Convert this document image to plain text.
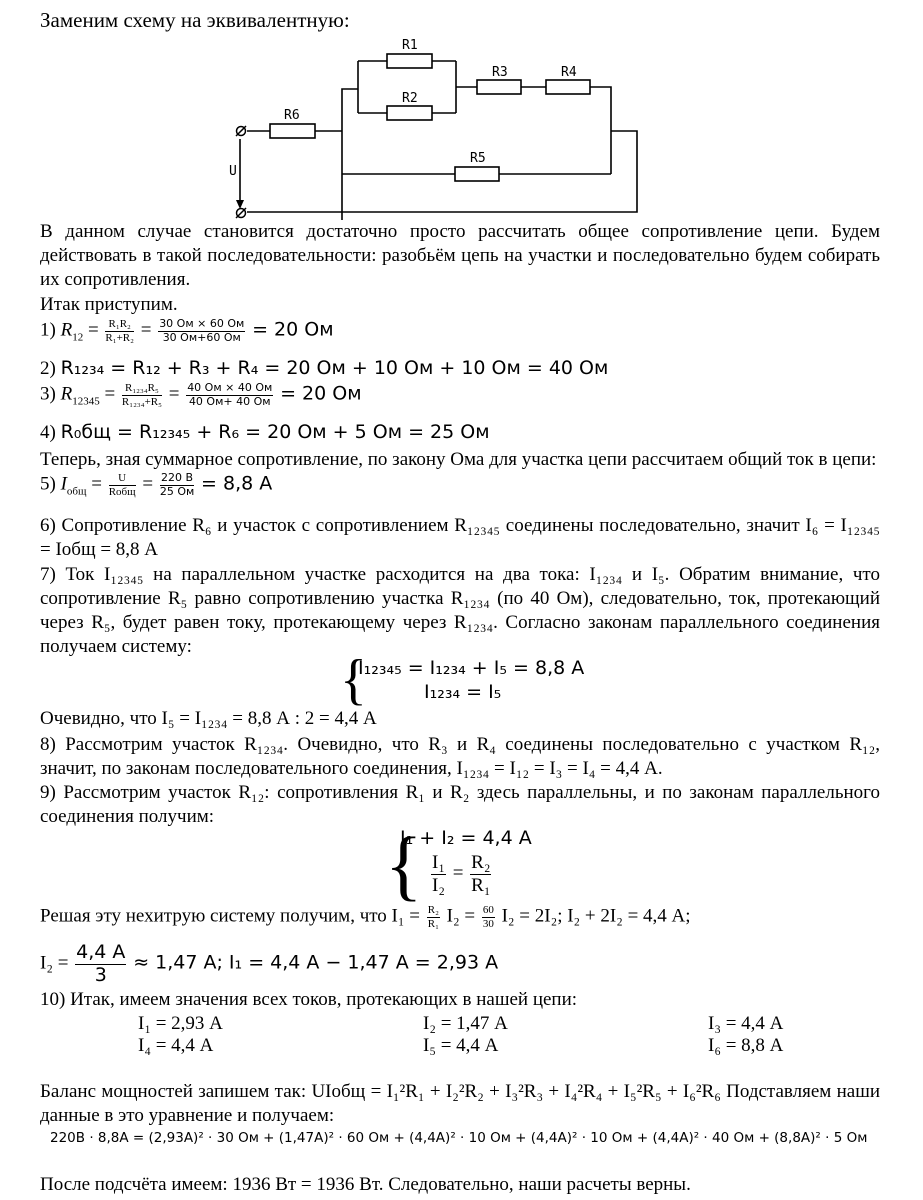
Заменим схему на эквивалентную:
R1
R2
R3	R4
R5
R6
U
В данном случае становится достаточно просто рассчитать общее сопротивление цепи. Будем действовать в такой последовательности: разобьём цепь на участки и последовательно будем собирать их сопротивления.
Итак приступим.
1) $R_{12} = \frac{\text{R₁R₂}}{\text{R₁+R₂}} = \frac{30 Ом \times 60 Ом}{30 Ом+60 Ом} = 20$ Ом
2) R₁₂₃₄ = R₁₂ + R₃ + R₄ = 20 Ом + 10 Ом + 10 Ом = 40 Ом
3) $R_{12345} = \frac{\text{R₁₂₃₄R₅}}{\text{R₁₂₃₄+R₅}} = \frac{40 Ом \times 40 Ом}{40 Ом+ 40 Ом} = 20$ Ом
4) R₀бщ = R₁₂₃₄₅ + R₆ = 20 Ом + 5 Ом = 25 Ом
Теперь, зная суммарное сопротивление, по закону Ома для участка цепи рассчитаем общий ток в цепи:
5) $I_{общ} = \frac{U}{\text{Rобщ}} = \frac{220 В}{25 Ом} = 8,8$ А
6) Сопротивление R₆ и участок с сопротивлением R₁₂₃₄₅ соединены последовательно, значит I₆ = I₁₂₃₄₅ = Iобщ = 8,8 А
7) Ток I₁₂₃₄₅ на параллельном участке расходится на два тока: I₁₂₃₄ и I₅. Обратим внимание, что сопротивление R₅ равно сопротивлению участка R₁₂₃₄ (по 40 Ом), следовательно, ток, протекающий через R₅, будет равен току, протекающему через R₁₂₃₄. Согласно законам параллельного соединения получаем систему:
{
I₁₂₃₄₅ = I₁₂₃₄ + I₅ = 8,8 A
I₁₂₃₄ = I₅
Очевидно, что I₅ = I₁₂₃₄ = 8,8 А : 2 = 4,4 А
8) Рассмотрим участок R₁₂₃₄. Очевидно, что R₃ и R₄ соединены последовательно с участком R₁₂, значит, по законам последовательного соединения, I₁₂₃₄ = I₁₂ = I₃ = I₄ = 4,4 А.
9) Рассмотрим участок R₁₂: сопротивления R₁ и R₂ здесь параллельны, и по законам параллельного соединения получим:
{
I₁ + I₂ = 4,4 А
$\frac{\text{I₁}}{\text{I₂}} = \frac{\text{R₂}}{\text{R₁}}$
Решая эту нехитрую систему получим, что $I_1 = \frac{\text{R₂}}{\text{R₁}} I_2 = \frac{60}{30} I_2 = 2I_2$; I₂ + 2I₂ = 4,4 А;
$I_2 = \frac{4,4 А}{3} \approx 1,47$ А; I₁ = 4,4 А − 1,47 А = 2,93 А
10) Итак, имеем значения всех токов, протекающих в нашей цепи:
I₁ = 2,93 А	I₂ = 1,47 А	I₃ = 4,4 А
I₄ = 4,4 А	I₅ = 4,4 А	I₆ = 8,8 А
Баланс мощностей запишем так: UIобщ = I₁²R₁ + I₂²R₂ + I₃²R₃ + I₄²R₄ + I₅²R₅ + I₆²R₆ Подставляем наши данные в это уравнение и получаем:
220В · 8,8А = (2,93А)² · 30 Ом + (1,47А)² · 60 Ом + (4,4А)² · 10 Ом + (4,4А)² · 10 Ом + (4,4А)² · 40 Ом + (8,8А)² · 5 Ом
После подсчёта имеем: 1936 Вт = 1936 Вт. Следовательно, наши расчеты верны.
